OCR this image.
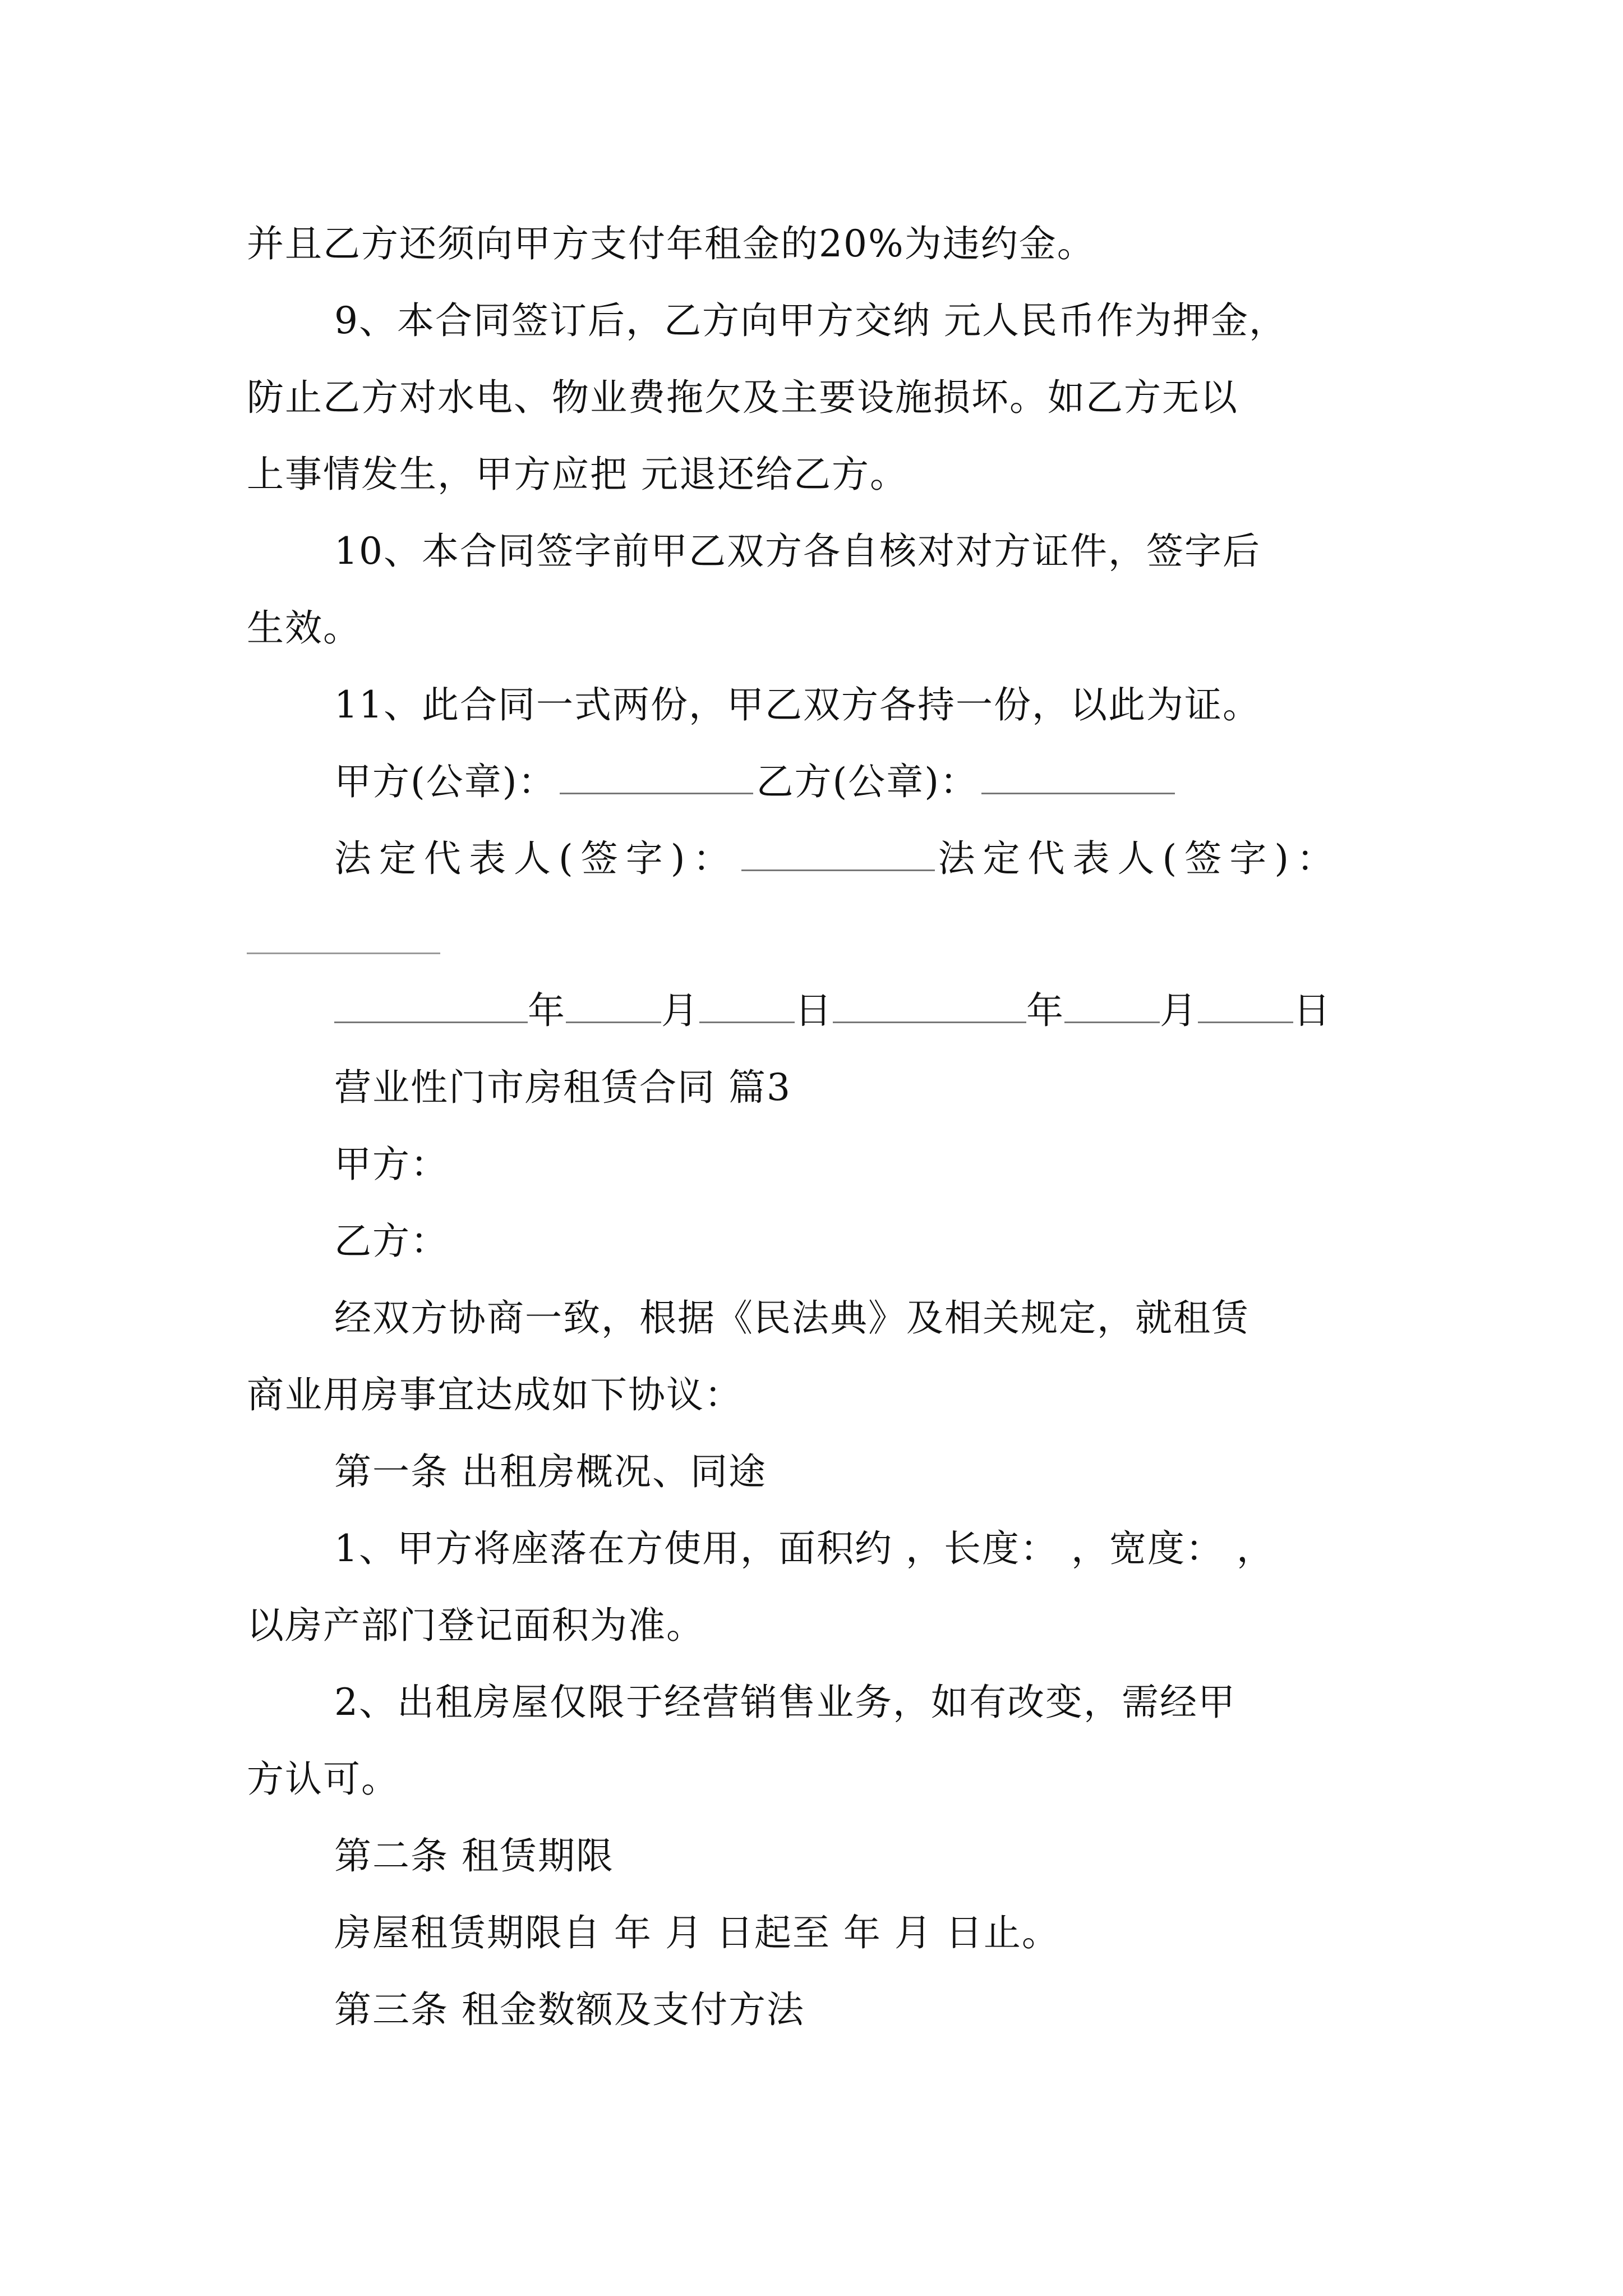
并且乙方还须向甲方支付年租金的20%为违约金。
9、本合同签订后，乙方向甲方交纳 元人民币作为押金，
防止乙方对水电、物业费拖欠及主要设施损坏。如乙方无以
上事情发生，甲方应把 元退还给乙方。
10、本合同签字前甲乙双方各自核对对方证件，签字后
生效。
11、此合同一式两份，甲乙双方各持一份，以此为证。
甲方(公章)：	乙方(公章)：
法定代表人(签字)：	法定代表人(签字)：
年	月	日	年	月	日
营业性门市房租赁合同 篇3
甲方：
乙方：
经双方协商一致，根据《民法典》及相关规定，就租赁
商业用房事宜达成如下协议：
第一条 出租房概况、同途
1、甲方将座落在方使用，面积约 ，长度： ，宽度： ，
以房产部门登记面积为准。
2、出租房屋仅限于经营销售业务，如有改变，需经甲
方认可。
第二条 租赁期限
房屋租赁期限自 年 月 日起至 年 月 日止。
第三条 租金数额及支付方法
